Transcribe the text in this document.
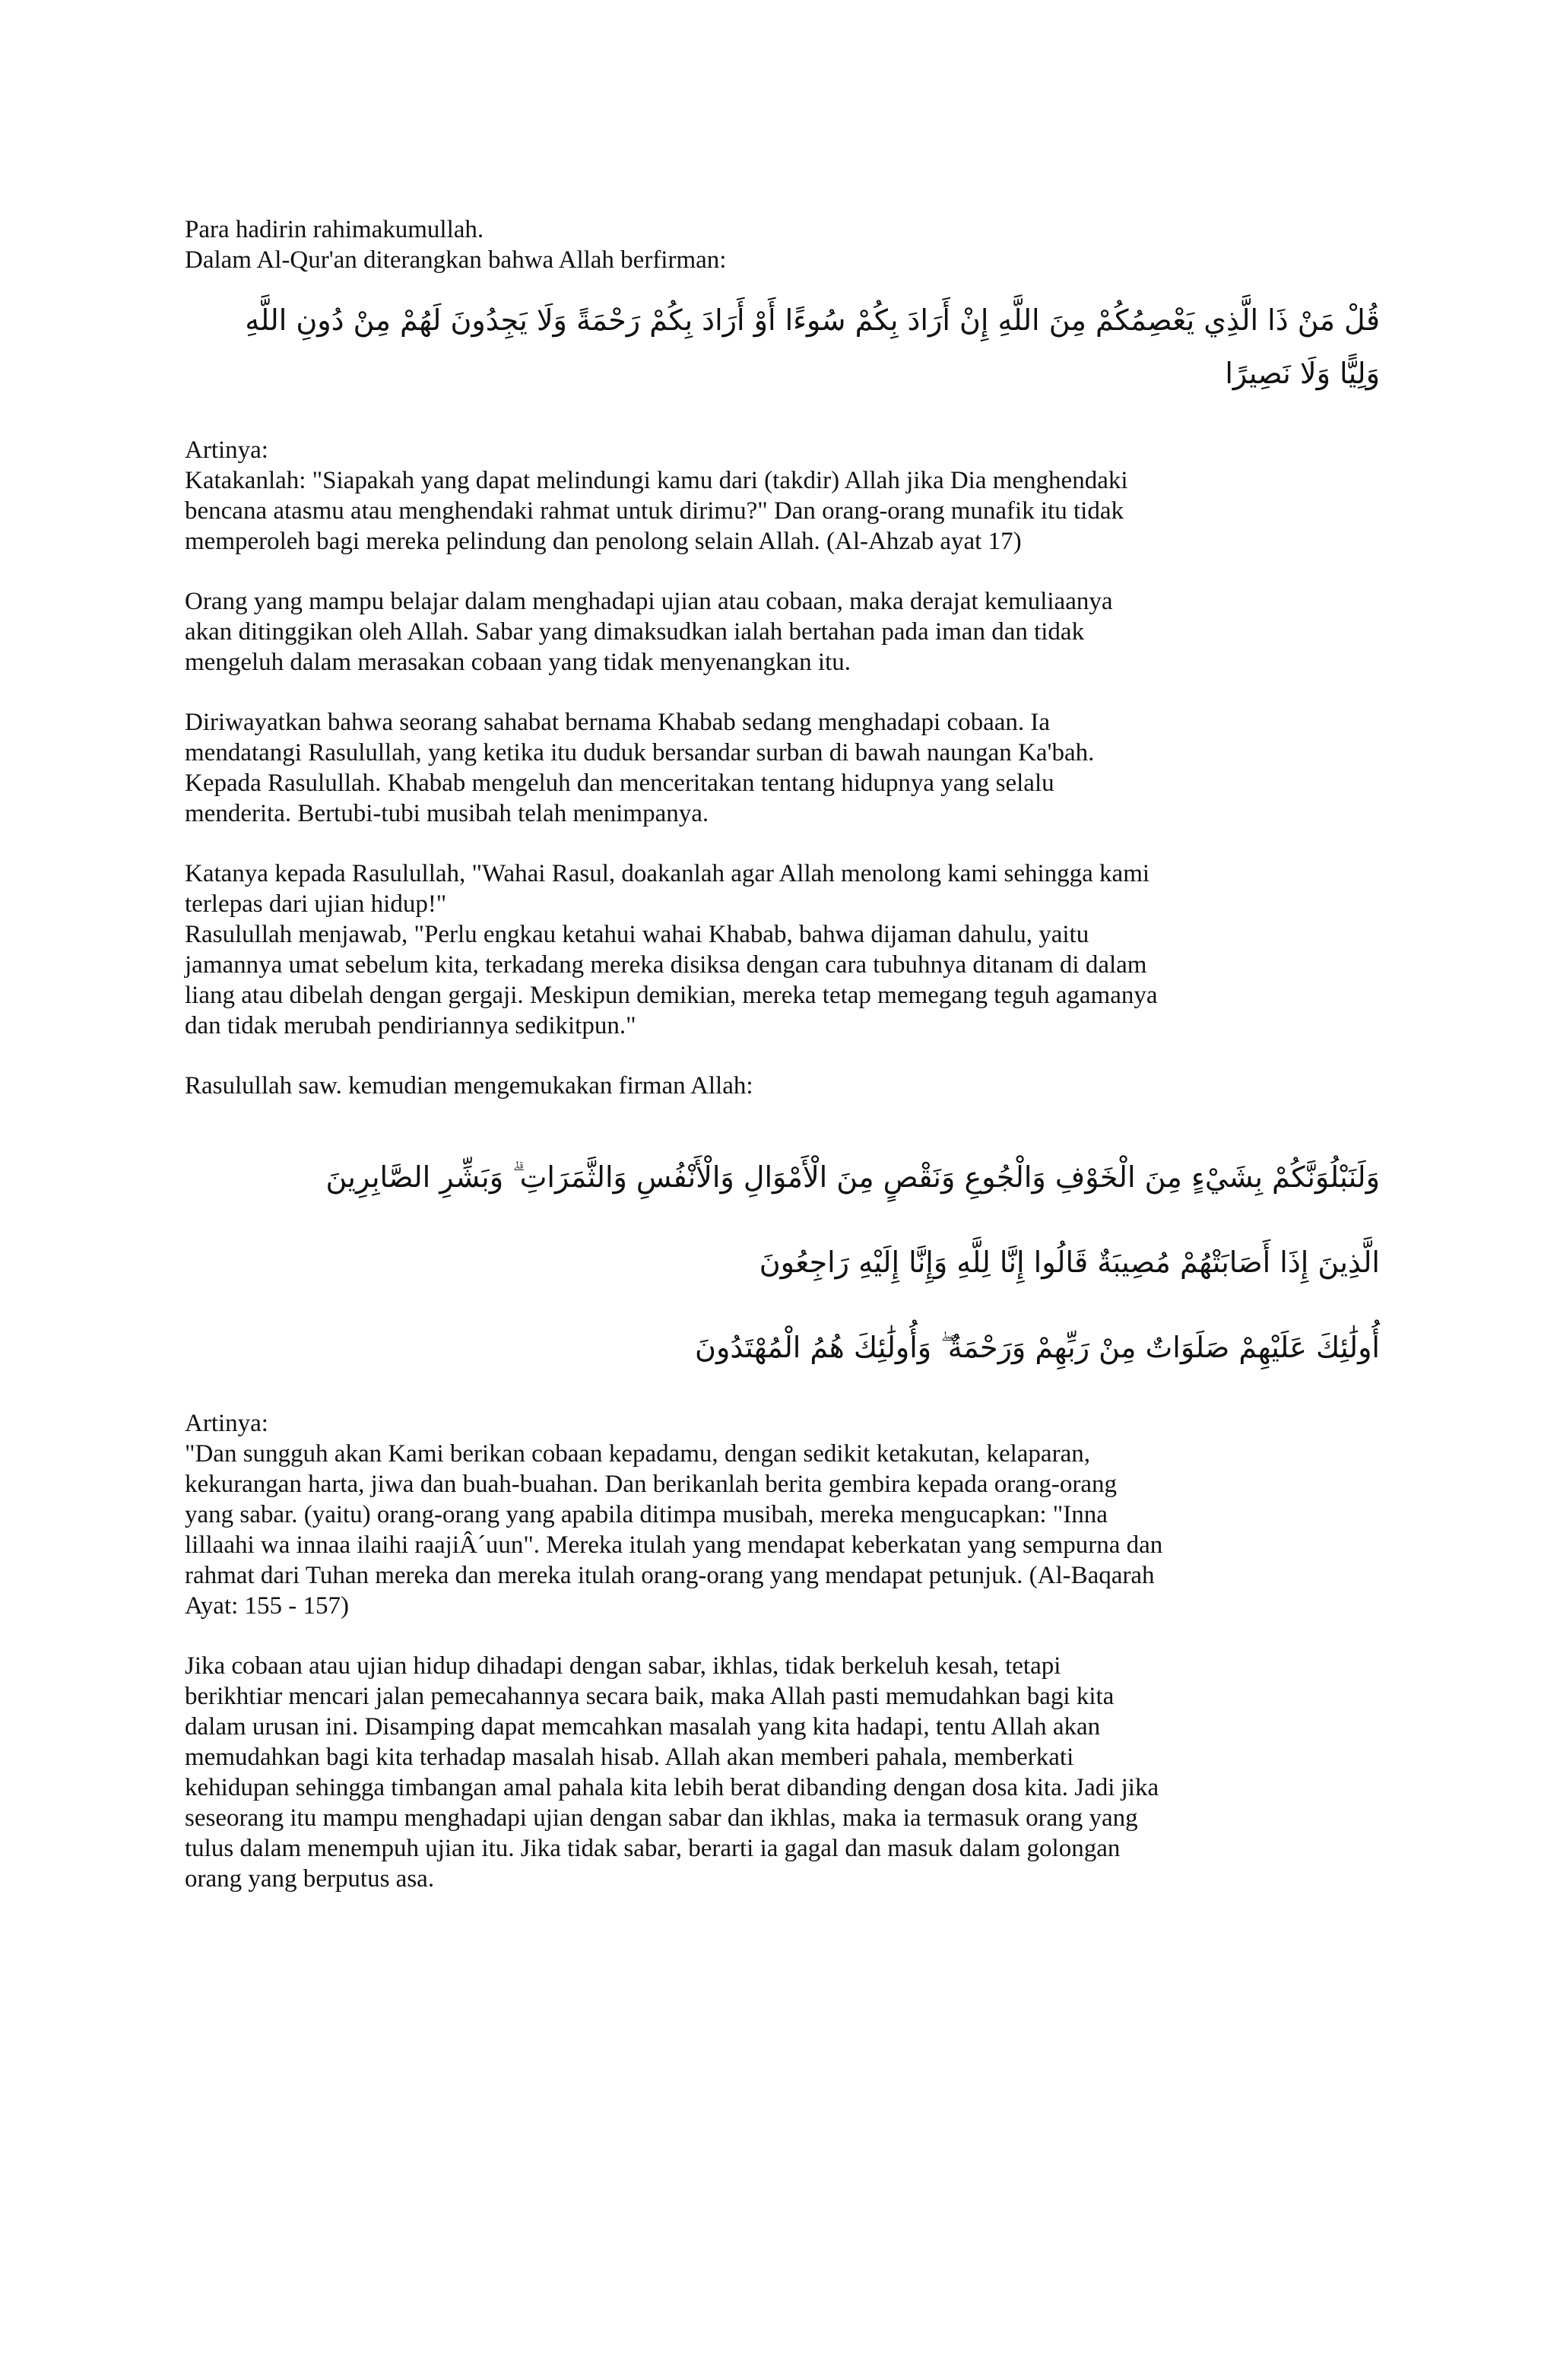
Para hadirin rahimakumullah.
Dalam Al-Qur'an diterangkan bahwa Allah berfirman:
قُلْ مَنْ ذَا الَّذِي يَعْصِمُكُمْ مِنَ اللَّهِ إِنْ أَرَادَ بِكُمْ سُوءًا أَوْ أَرَادَ بِكُمْ رَحْمَةً وَلَا يَجِدُونَ لَهُمْ مِنْ دُونِ اللَّهِ
وَلِيًّا وَلَا نَصِيرًا
Artinya:
Katakanlah: "Siapakah yang dapat melindungi kamu dari (takdir) Allah jika Dia menghendaki
bencana atasmu atau menghendaki rahmat untuk dirimu?" Dan orang-orang munafik itu tidak
memperoleh bagi mereka pelindung dan penolong selain Allah. (Al-Ahzab ayat 17)
Orang yang mampu belajar dalam menghadapi ujian atau cobaan, maka derajat kemuliaanya
akan ditinggikan oleh Allah. Sabar yang dimaksudkan ialah bertahan pada iman dan tidak
mengeluh dalam merasakan cobaan yang tidak menyenangkan itu.
Diriwayatkan bahwa seorang sahabat bernama Khabab sedang menghadapi cobaan. Ia
mendatangi Rasulullah, yang ketika itu duduk bersandar surban di bawah naungan Ka'bah.
Kepada Rasulullah. Khabab mengeluh dan menceritakan tentang hidupnya yang selalu
menderita. Bertubi-tubi musibah telah menimpanya.
Katanya kepada Rasulullah, "Wahai Rasul, doakanlah agar Allah menolong kami sehingga kami
terlepas dari ujian hidup!"
Rasulullah menjawab, "Perlu engkau ketahui wahai Khabab, bahwa dijaman dahulu, yaitu
jamannya umat sebelum kita, terkadang mereka disiksa dengan cara tubuhnya ditanam di dalam
liang atau dibelah dengan gergaji. Meskipun demikian, mereka tetap memegang teguh agamanya
dan tidak merubah pendiriannya sedikitpun."
Rasulullah saw. kemudian mengemukakan firman Allah:
وَلَنَبْلُوَنَّكُمْ بِشَيْءٍ مِنَ الْخَوْفِ وَالْجُوعِ وَنَقْصٍ مِنَ الْأَمْوَالِ وَالْأَنْفُسِ وَالثَّمَرَاتِ ۗ وَبَشِّرِ الصَّابِرِينَ
الَّذِينَ إِذَا أَصَابَتْهُمْ مُصِيبَةٌ قَالُوا إِنَّا لِلَّهِ وَإِنَّا إِلَيْهِ رَاجِعُونَ
أُولَٰئِكَ عَلَيْهِمْ صَلَوَاتٌ مِنْ رَبِّهِمْ وَرَحْمَةٌ ۖ وَأُولَٰئِكَ هُمُ الْمُهْتَدُونَ
Artinya:
"Dan sungguh akan Kami berikan cobaan kepadamu, dengan sedikit ketakutan, kelaparan,
kekurangan harta, jiwa dan buah-buahan. Dan berikanlah berita gembira kepada orang-orang
yang sabar. (yaitu) orang-orang yang apabila ditimpa musibah, mereka mengucapkan: "Inna
lillaahi wa innaa ilaihi raajiÂ´uun". Mereka itulah yang mendapat keberkatan yang sempurna dan
rahmat dari Tuhan mereka dan mereka itulah orang-orang yang mendapat petunjuk. (Al-Baqarah
Ayat: 155 - 157)
Jika cobaan atau ujian hidup dihadapi dengan sabar, ikhlas, tidak berkeluh kesah, tetapi
berikhtiar mencari jalan pemecahannya secara baik, maka Allah pasti memudahkan bagi kita
dalam urusan ini. Disamping dapat memcahkan masalah yang kita hadapi, tentu Allah akan
memudahkan bagi kita terhadap masalah hisab. Allah akan memberi pahala, memberkati
kehidupan sehingga timbangan amal pahala kita lebih berat dibanding dengan dosa kita. Jadi jika
seseorang itu mampu menghadapi ujian dengan sabar dan ikhlas, maka ia termasuk orang yang
tulus dalam menempuh ujian itu. Jika tidak sabar, berarti ia gagal dan masuk dalam golongan
orang yang berputus asa.
